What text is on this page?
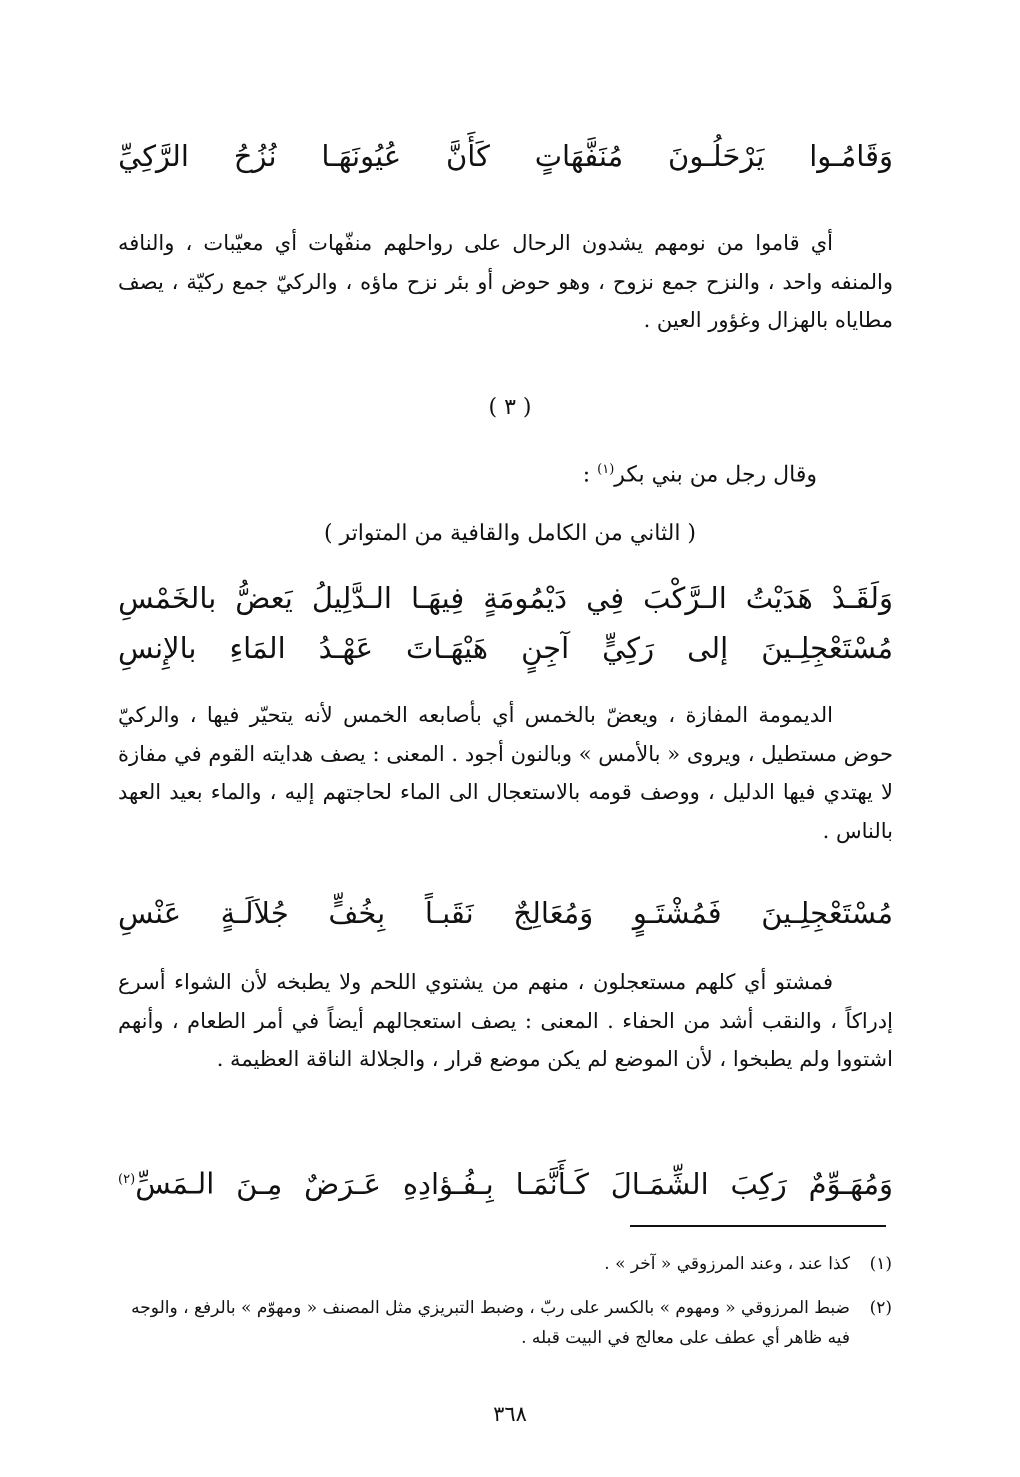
وَقَامُـوا
يَرْحَلُـونَ
مُنَفَّهَاتٍ
كَأَنَّ
عُيُونَهَـا
نُزُحُ
الرَّكِيِّ

أي قاموا من نومهم يشدون الرحال على رواحلهم منفّهات أي معيّبات ، والنافه والمنفه واحد ، والنزح جمع نزوح ، وهو حوض أو بئر نزح ماؤه ، والركيّ جمع ركيّة ، يصف مطاياه بالهزال وغؤور العين .

( ٣ )
وقال رجل من بني بكر$^{(١)}$ :
( الثاني من الكامل والقافية من المتواتر )
وَلَقَـدْ
هَدَيْتُ
الـرَّكْبَ
فِي
دَيْمُومَةٍ
فِيهَـا
الـدَّلِيلُ
يَعضُّ
بالخَمْسِ
مُسْتَعْجِلِـينَ
إلى
رَكِيٍّ
آجِنٍ
هَيْهَـاتَ
عَهْـدُ
المَاءِ
بالإِنسِ

الديمومة المفازة ، ويعضّ بالخمس أي بأصابعه الخمس لأنه يتحيّر فيها ، والركيّ حوض مستطيل ، ويروى « بالأمس » وبالنون أجود . المعنى : يصف هدايته القوم في مفازة لا يهتدي فيها الدليل ، ووصف قومه بالاستعجال الى الماء لحاجتهم إليه ، والماء بعيد العهد بالناس .

مُسْتَعْجِلِـينَ
فَمُشْتَـوٍ
وَمُعَالِجٌ
نَقَبـاً
بِخُفٍّ
جُلاَلَـةٍ
عَنْسِ

فمشتو أي كلهم مستعجلون ، منهم من يشتوي اللحم ولا يطبخه لأن الشواء أسرع إدراكاً ، والنقب أشد من الحفاء . المعنى : يصف استعجالهم أيضاً في أمر الطعام ، وأنهم اشتووا ولم يطبخوا ، لأن الموضع لم يكن موضع قرار ، والجلالة الناقة العظيمة .

وَمُهَـوِّمٌ
رَكِبَ
الشِّمَـالَ
كَـأَنَّمَـا
بِـفُـؤادِهِ
عَـرَضٌ
مِـنَ
الـمَسِّ$^{(٢)}$
(١)
كذا عند ، وعند المرزوقي « آخر » .
(٢)
ضبط المرزوقي « ومهوم » بالكسر على ربّ ، وضبط التبريزي مثل المصنف « ومهوّم » بالرفع ، والوجه فيه ظاهر أي عطف على معالج في البيت قبله .
٣٦٨
